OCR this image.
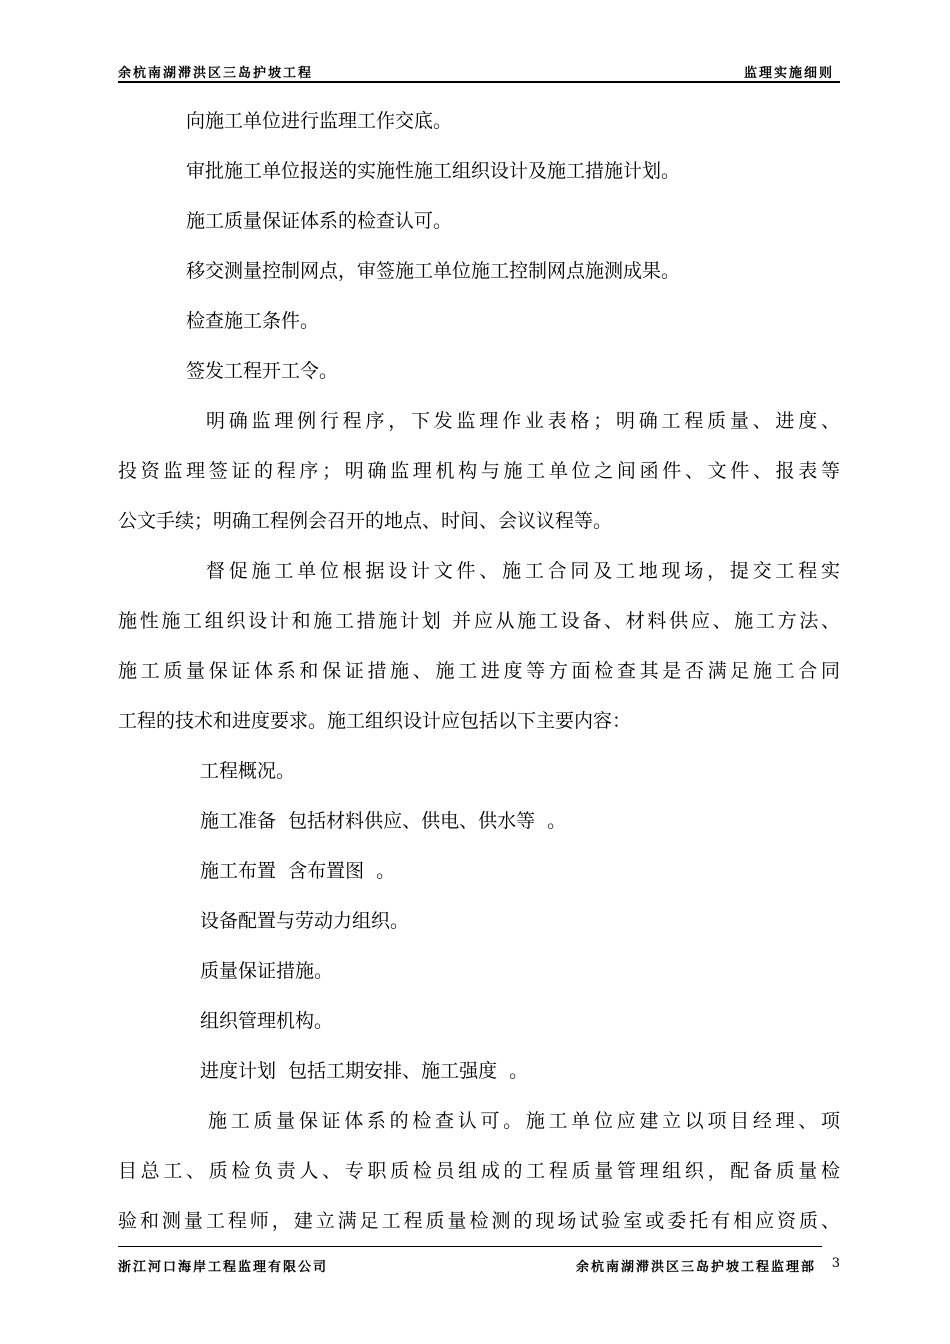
余杭南湖滞洪区三岛护坡工程	监理实施细则
向施工单位进行监理工作交底。
审批施工单位报送的实施性施工组织设计及施工措施计划。
施工质量保证体系的检查认可。
移交测量控制网点，审签施工单位施工控制网点施测成果。
检查施工条件。
签发工程开工令。
明确监理例行程序，下发监理作业表格；明确工程质量、进度、
投资监理签证的程序；明确监理机构与施工单位之间函件、文件、报表等
公文手续；明确工程例会召开的地点、时间、会议议程等。
督促施工单位根据设计文件、施工合同及工地现场，提交工程实
施性施工组织设计和施工措施计划 并应从施工设备、材料供应、施工方法、
施工质量保证体系和保证措施、施工进度等方面检查其是否满足施工合同
工程的技术和进度要求。施工组织设计应包括以下主要内容：
工程概况。
施工准备  包括材料供应、供电、供水等  。
施工布置  含布置图  。
设备配置与劳动力组织。
质量保证措施。
组织管理机构。
进度计划  包括工期安排、施工强度  。
施工质量保证体系的检查认可。施工单位应建立以项目经理、项
目总工、质检负责人、专职质检员组成的工程质量管理组织，配备质量检
验和测量工程师，建立满足工程质量检测的现场试验室或委托有相应资质、
浙江河口海岸工程监理有限公司	余杭南湖滞洪区三岛护坡工程监理部 3
